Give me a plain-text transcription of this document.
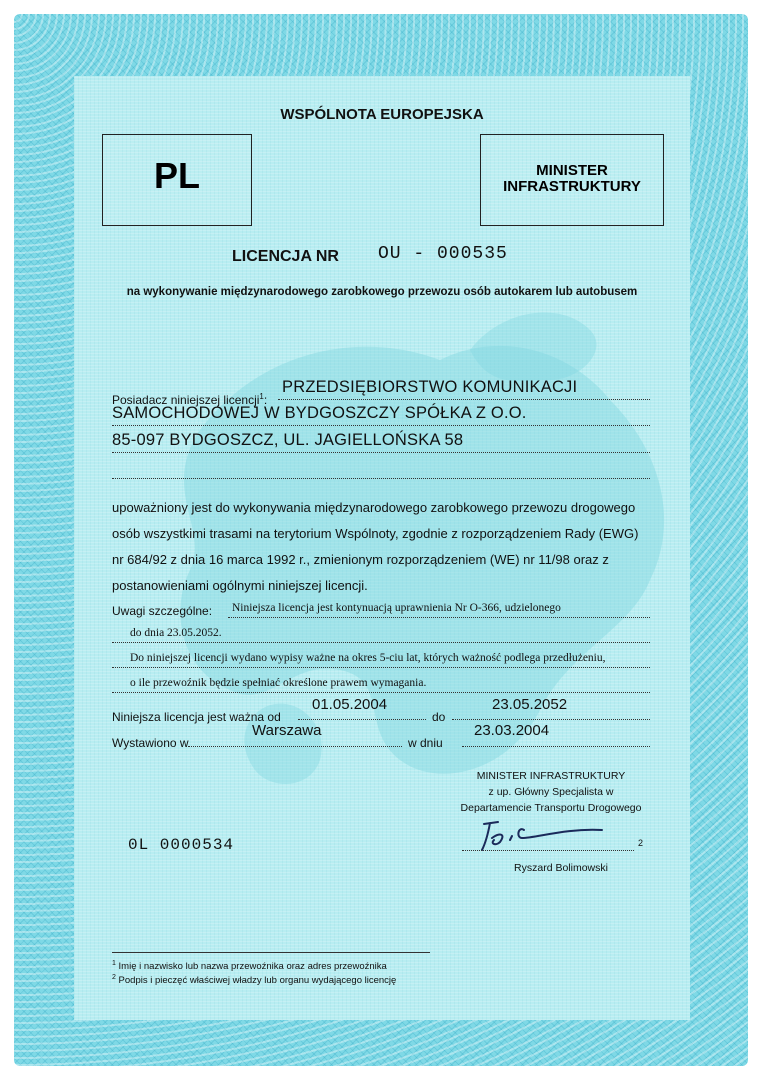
WSPÓLNOTA EUROPEJSKA
PL	MINISTER
INFRASTRUKTURY
LICENCJA NR OU - 000535
na wykonywanie międzynarodowego zarobkowego przewozu osób autokarem lub autobusem
Posiadacz niniejszej licencji$^1$:
PRZEDSIĘBIORSTWO KOMUNIKACJI
SAMOCHODOWEJ W BYDGOSZCZY SPÓŁKA Z O.O.
85-097 BYDGOSZCZ, UL. JAGIELLOŃSKA 58
upoważniony jest do wykonywania międzynarodowego zarobkowego przewozu drogowego
osób wszystkimi trasami na terytorium Wspólnoty, zgodnie z rozporządzeniem Rady (EWG)
nr 684/92 z dnia 16 marca 1992 r., zmienionym rozporządzeniem (WE) nr 11/98 oraz z
postanowieniami ogólnymi niniejszej licencji.
Uwagi szczególne: Niniejsza licencja jest kontynuacją uprawnienia Nr O-366, udzielonego
do dnia 23.05.2052.
Do niniejszej licencji wydano wypisy ważne na okres 5-ciu lat, których ważność podlega przedłużeniu,
o ile przewoźnik będzie spełniać określone prawem wymagania.
Niniejsza licencja jest ważna od
01.05.2004
do
23.05.2052
Wystawiono w
Warszawa
w dniu
23.03.2004
MINISTER INFRASTRUKTURY
z up. Główny Specjalista w
Departamencie Transportu Drogowego
2
Ryszard Bolimowski
0L 0000534
$^1$ Imię i nazwisko lub nazwa przewoźnika oraz adres przewoźnika
$^2$ Podpis i pieczęć właściwej władzy lub organu wydającego licencję
